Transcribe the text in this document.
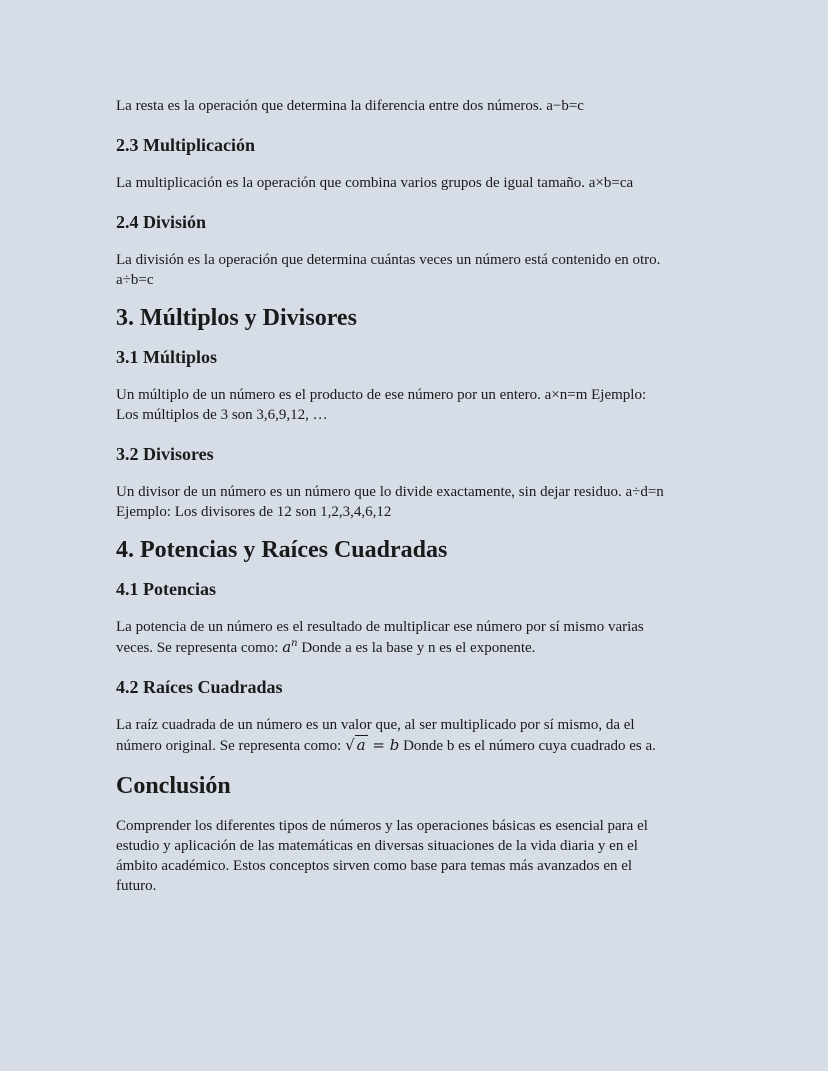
La resta es la operación que determina la diferencia entre dos números. a−b=c

2.3 Multiplicación

La multiplicación es la operación que combina varios grupos de igual tamaño. a×b=ca

2.4 División

La división es la operación que determina cuántas veces un número está contenido en otro.

a÷b=c

3. Múltiplos y Divisores
3.1 Múltiplos

Un múltiplo de un número es el producto de ese número por un entero. a×n=m Ejemplo:

Los múltiplos de 3 son 3,6,9,12, …

3.2 Divisores

Un divisor de un número es un número que lo divide exactamente, sin dejar residuo. a÷d=n

Ejemplo: Los divisores de 12 son 1,2,3,4,6,12

4. Potencias y Raíces Cuadradas
4.1 Potencias

La potencia de un número es el resultado de multiplicar ese número por sí mismo varias

veces. Se representa como: $a^n$ Donde a es la base y n es el exponente.

4.2 Raíces Cuadradas

La raíz cuadrada de un número es un valor que, al ser multiplicado por sí mismo, da el

número original. Se representa como: √ a = b Donde b es el número cuya cuadrado es a.

Conclusión

Comprender los diferentes tipos de números y las operaciones básicas es esencial para el

estudio y aplicación de las matemáticas en diversas situaciones de la vida diaria y en el

ámbito académico. Estos conceptos sirven como base para temas más avanzados en el

futuro.
